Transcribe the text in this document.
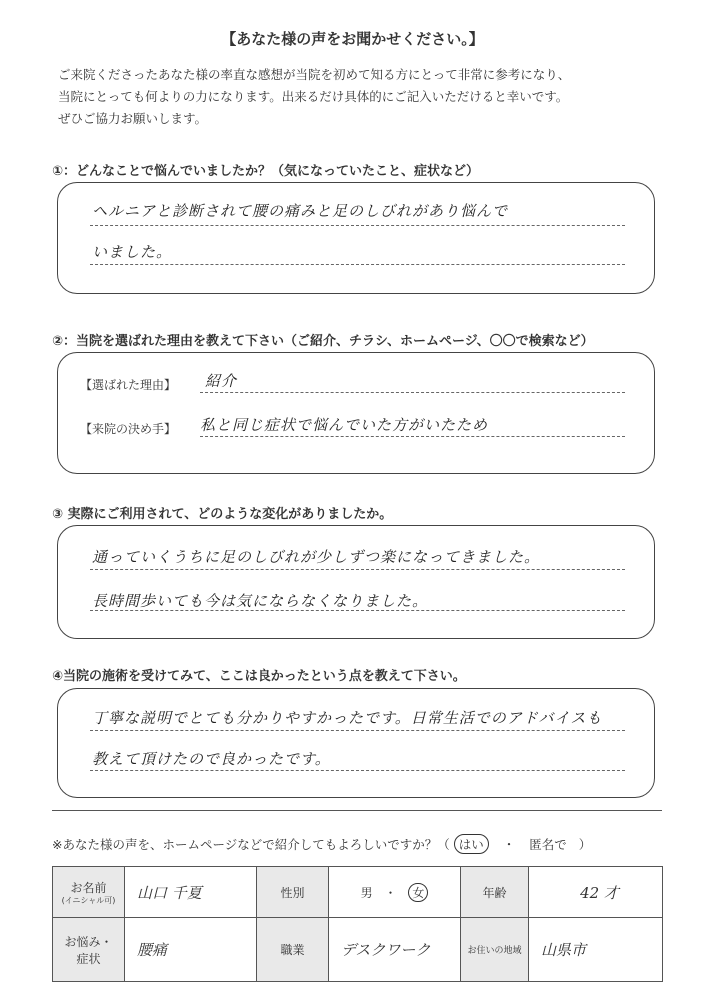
【あなた様の声をお聞かせください。】
ご来院くださったあなた様の率直な感想が当院を初めて知る方にとって非常に参考になり、
当院にとっても何よりの力になります。出来るだけ具体的にご記入いただけると幸いです。
ぜひご協力お願いします。
①：どんなことで悩んでいましたか？（気になっていたこと、症状など）
ヘルニアと診断されて腰の痛みと足のしびれがあり悩んで
いました。
②：当院を選ばれた理由を教えて下さい（ご紹介、チラシ、ホームページ、〇〇で検索など）
【選ばれた理由】 紹介
【来院の決め手】 私と同じ症状で悩んでいた方がいたため
③ 実際にご利用されて、どのような変化がありましたか。
通っていくうちに足のしびれが少しずつ楽になってきました。
長時間歩いても今は気にならなくなりました。
④当院の施術を受けてみて、ここは良かったという点を教えて下さい。
丁寧な説明でとても分かりやすかったです。日常生活でのアドバイスも
教えて頂けたので良かったです。
※あなた様の声を、ホームページなどで紹介してもよろしいですか？（ はい ・ 匿名で ）
お名前
(イニシャル可)	山口 千夏	性別	男 ・ 女	年齢	42 才
お悩み・
症状	腰痛	職業	デスクワーク	お住いの地域	山県市
